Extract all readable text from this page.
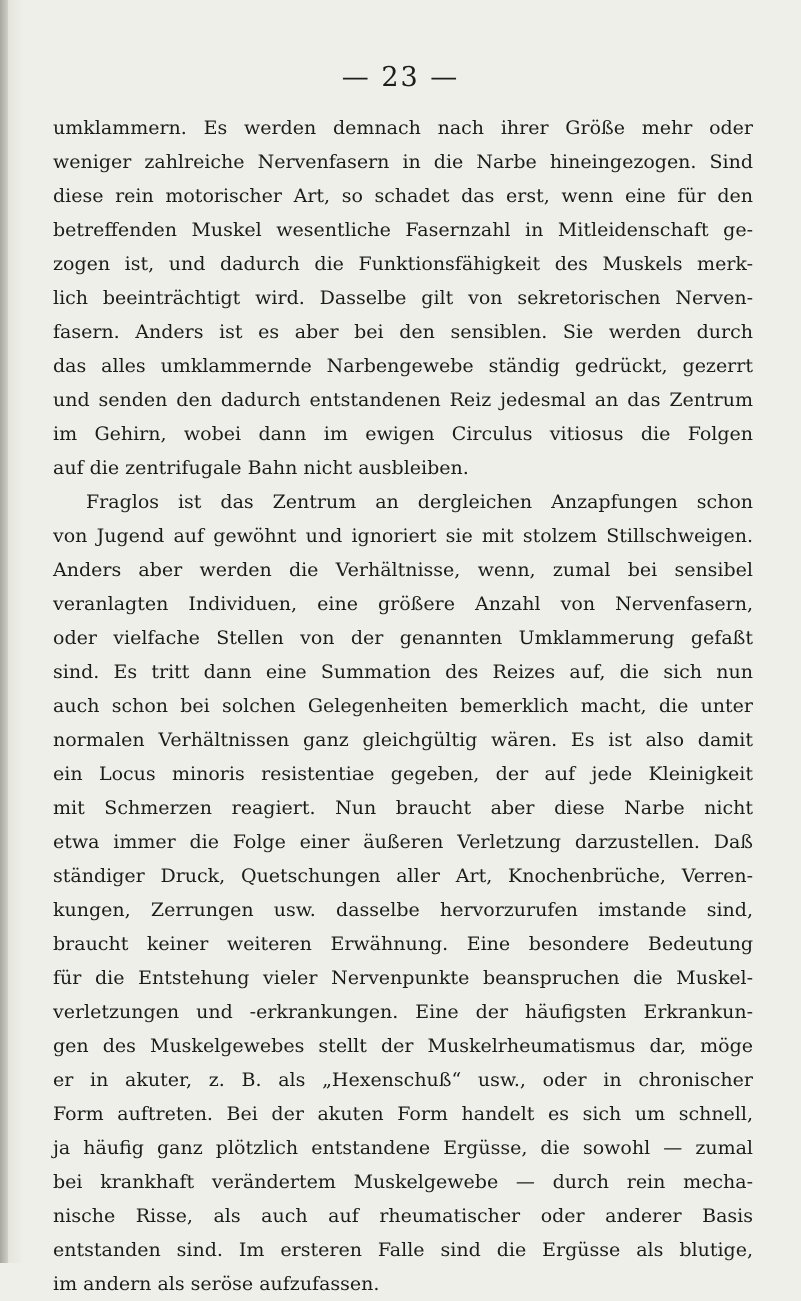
— 23 —
umklammern. Es werden demnach nach ihrer Größe mehr oder
weniger zahlreiche Nervenfasern in die Narbe hineingezogen. Sind
diese rein motorischer Art, so schadet das erst, wenn eine für den
betreffenden Muskel wesentliche Fasernzahl in Mitleidenschaft ge-
zogen ist, und dadurch die Funktionsfähigkeit des Muskels merk-
lich beeinträchtigt wird. Dasselbe gilt von sekretorischen Nerven-
fasern. Anders ist es aber bei den sensiblen. Sie werden durch
das alles umklammernde Narbengewebe ständig gedrückt, gezerrt
und senden den dadurch entstandenen Reiz jedesmal an das Zentrum
im Gehirn, wobei dann im ewigen Circulus vitiosus die Folgen
auf die zentrifugale Bahn nicht ausbleiben.
Fraglos ist das Zentrum an dergleichen Anzapfungen schon
von Jugend auf gewöhnt und ignoriert sie mit stolzem Stillschweigen.
Anders aber werden die Verhältnisse, wenn, zumal bei sensibel
veranlagten Individuen, eine größere Anzahl von Nervenfasern,
oder vielfache Stellen von der genannten Umklammerung gefaßt
sind. Es tritt dann eine Summation des Reizes auf, die sich nun
auch schon bei solchen Gelegenheiten bemerklich macht, die unter
normalen Verhältnissen ganz gleichgültig wären. Es ist also damit
ein Locus minoris resistentiae gegeben, der auf jede Kleinigkeit
mit Schmerzen reagiert. Nun braucht aber diese Narbe nicht
etwa immer die Folge einer äußeren Verletzung darzustellen. Daß
ständiger Druck, Quetschungen aller Art, Knochenbrüche, Verren-
kungen, Zerrungen usw. dasselbe hervorzurufen imstande sind,
braucht keiner weiteren Erwähnung. Eine besondere Bedeutung
für die Entstehung vieler Nervenpunkte beanspruchen die Muskel-
verletzungen und -erkrankungen. Eine der häufigsten Erkrankun-
gen des Muskelgewebes stellt der Muskelrheumatismus dar, möge
er in akuter, z. B. als „Hexenschuß“ usw., oder in chronischer
Form auftreten. Bei der akuten Form handelt es sich um schnell,
ja häufig ganz plötzlich entstandene Ergüsse, die sowohl — zumal
bei krankhaft verändertem Muskelgewebe — durch rein mecha-
nische Risse, als auch auf rheumatischer oder anderer Basis
entstanden sind. Im ersteren Falle sind die Ergüsse als blutige,
im andern als seröse aufzufassen.
